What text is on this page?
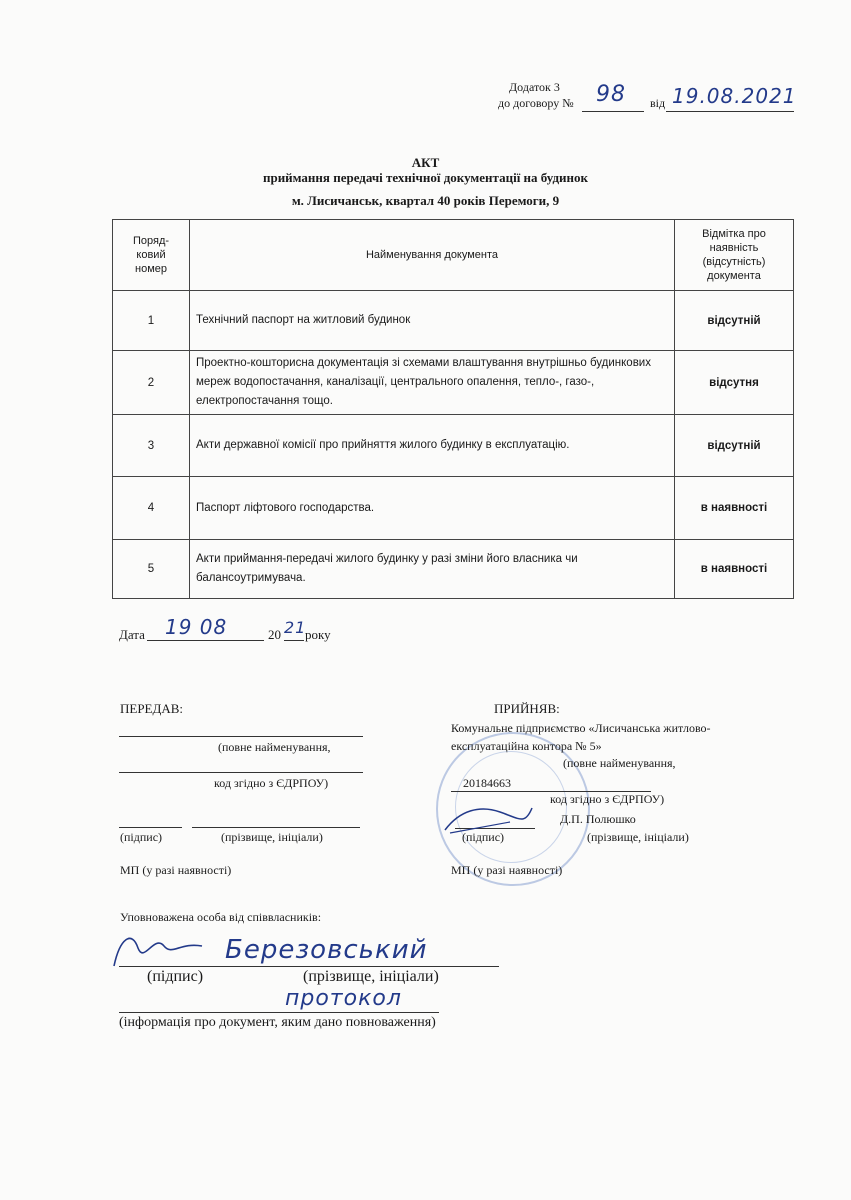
Додаток 3
до договору № 98 від 19.08.2021
АКТ
приймання передачі технічної документації на будинок
м. Лисичанськ, квартал 40 років Перемоги, 9
Поряд-ковий номер	Найменування документа	Відмітка про наявність (відсутність) документа
1	Технічний паспорт на житловий будинок	відсутній
2	Проектно-кошторисна документація зі схемами влаштування внутрішньо будинкових мереж водопостачання, каналізації, центрального опалення, тепло-, газо-, електропостачання тощо.	відсутня
3	Акти державної комісії про прийняття жилого будинку в експлуатацію.	відсутній
4	Паспорт ліфтового господарства.	в наявності
5	Акти приймання-передачі жилого будинку у разі зміни його власника чи балансоутримувача.	в наявності
Дата 19 08	20 21
року
ПЕРЕДАВ:
(повне найменування,
код згідно з ЄДРПОУ)
(підпис)	(прізвище, ініціали)
МП (у разі наявності)
ПРИЙНЯВ:
Комунальне підприємство «Лисичанська житлово-
експлуатаційна контора № 5»
(повне найменування,
20184663
код згідно з ЄДРПОУ)
Д.П. Полюшко
(підпис)	(прізвище, ініціали)
МП (у разі наявності)
Уповноважена особа від співвласників:
Березовський
(підпис)	(прізвище, ініціали)
протокол
(інформація про документ, яким дано повноваження)
